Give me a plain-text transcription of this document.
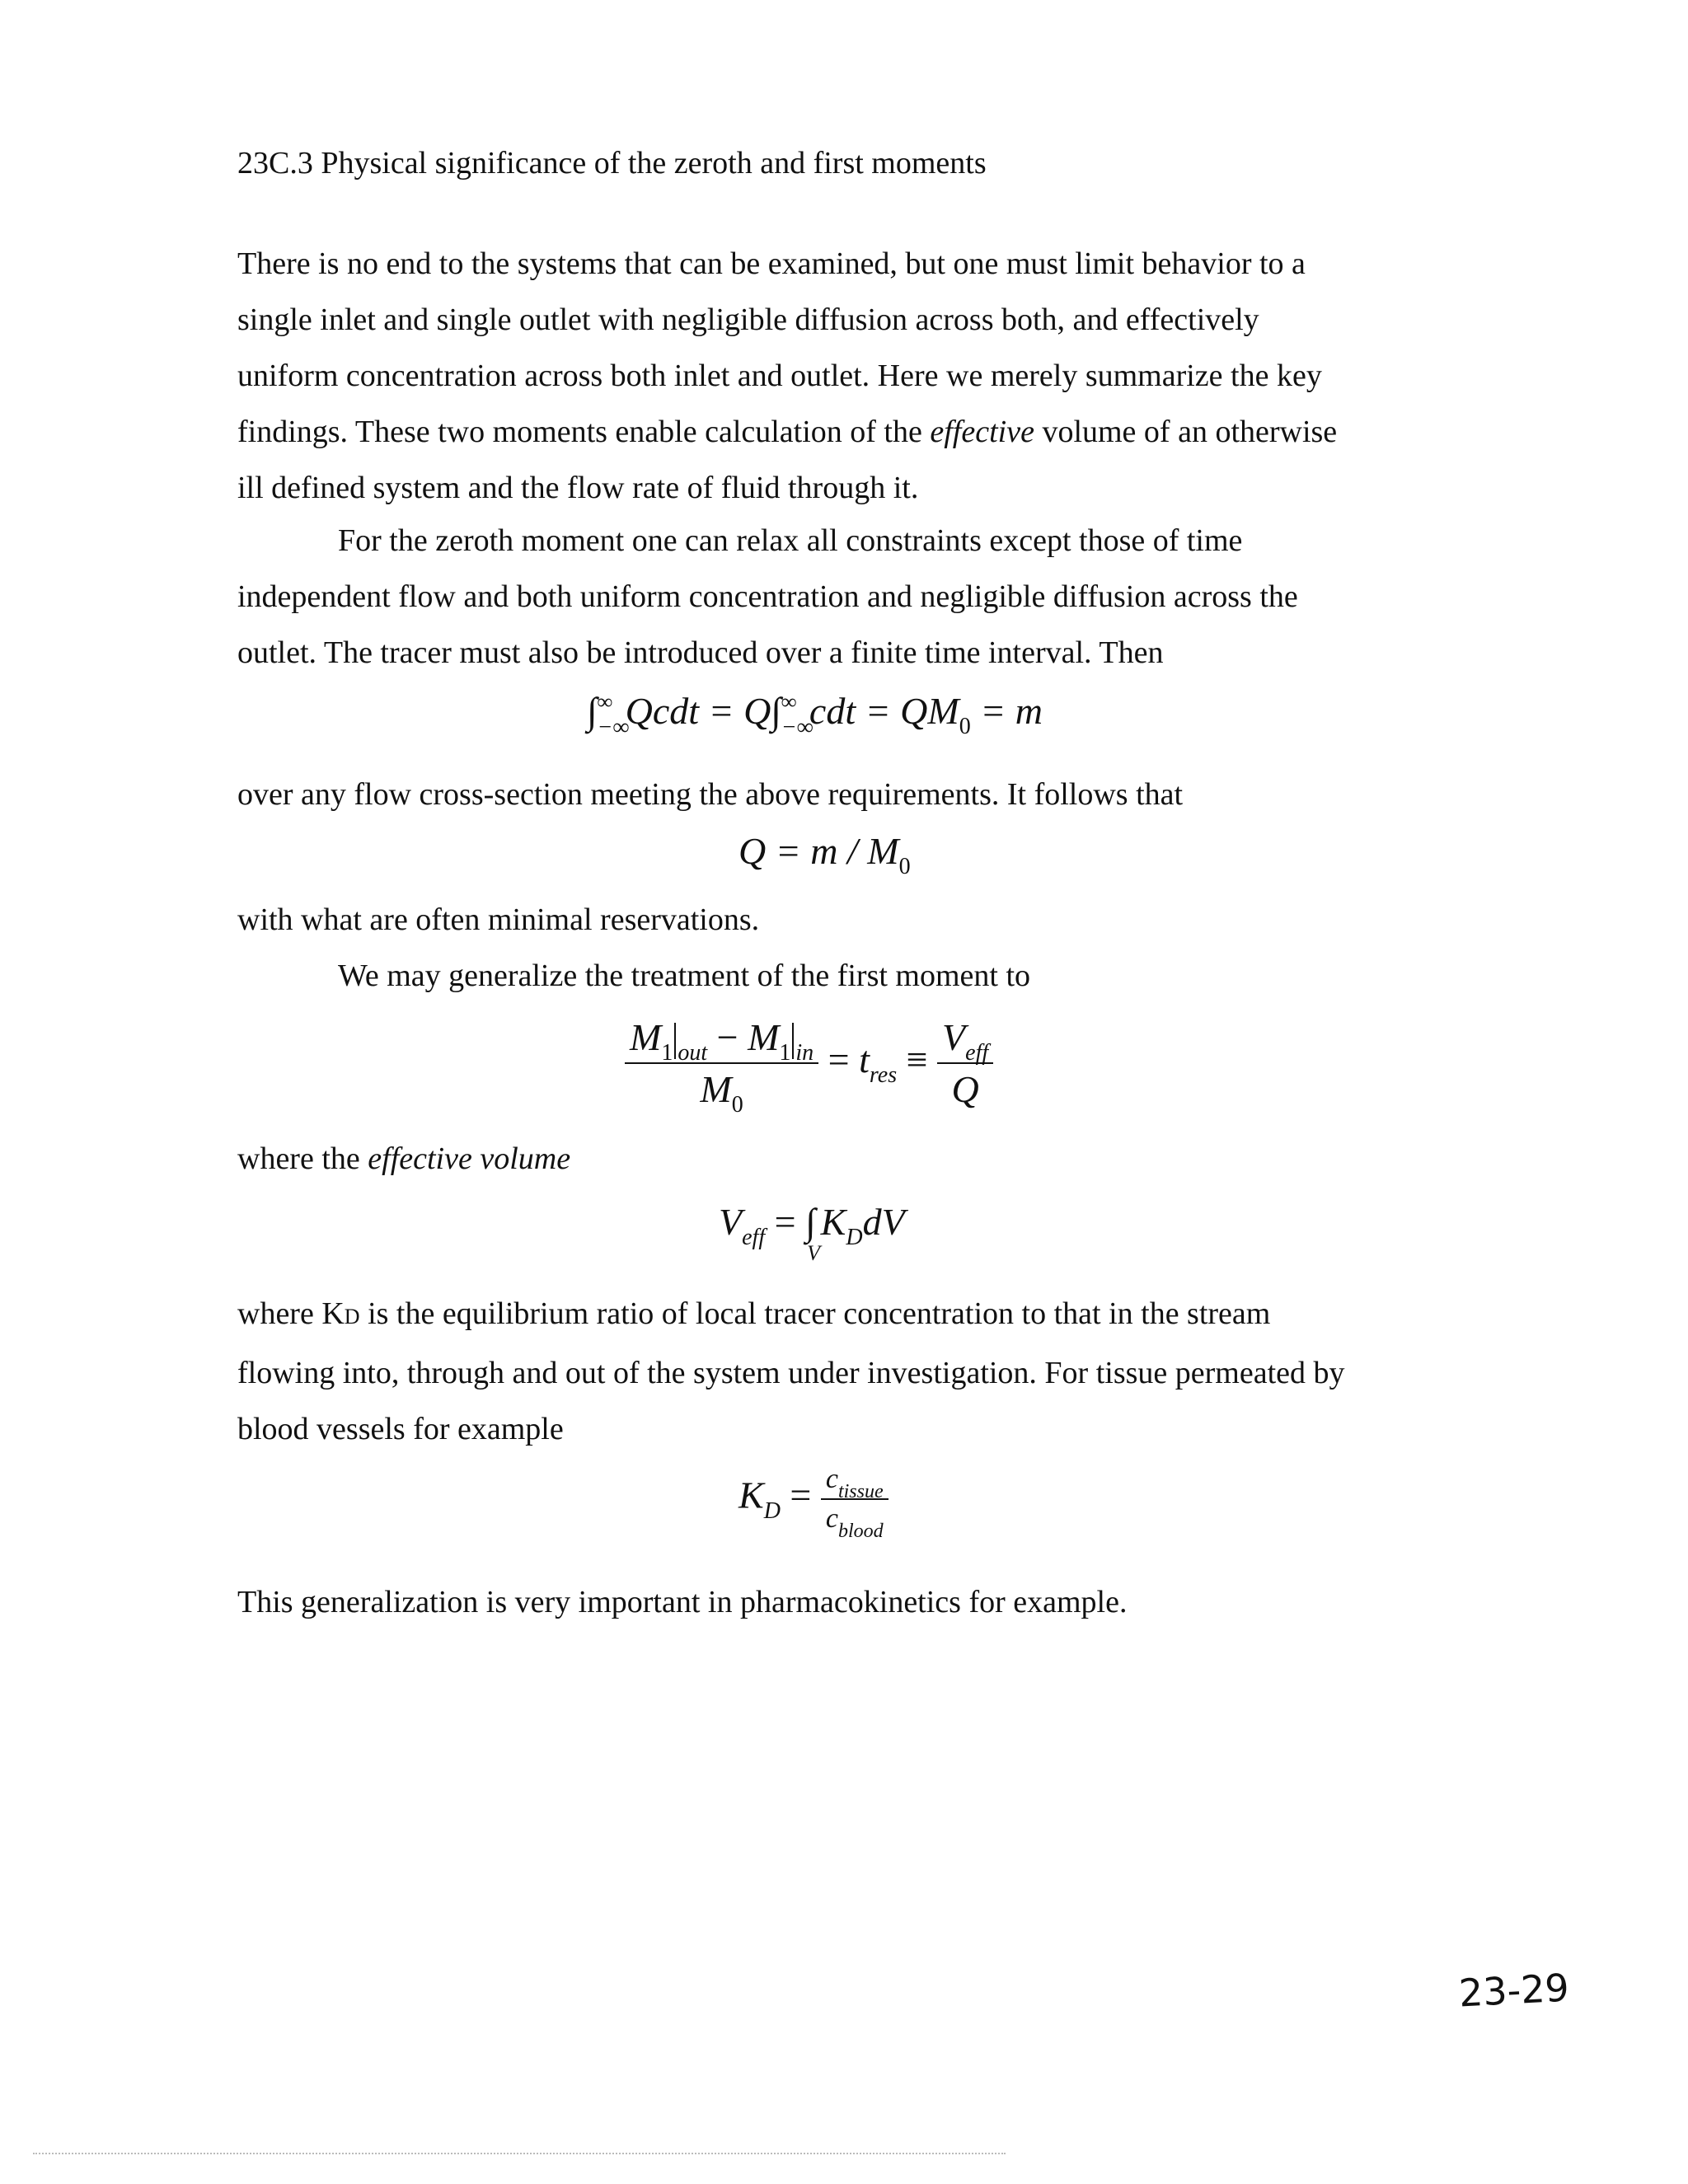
23C.3 Physical significance of the zeroth and first moments
There is no end to the systems that can be examined, but one must limit behavior to a
single inlet and single outlet with negligible diffusion across both, and effectively
uniform concentration across both inlet and outlet. Here we merely summarize the key
findings. These two moments enable calculation of the effective volume of an otherwise
ill defined system and the flow rate of fluid through it.
For the zeroth moment one can relax all constraints except those of time
independent flow and both uniform concentration and negligible diffusion across the
outlet. The tracer must also be introduced over a finite time interval. Then
∫ ∞
−∞
Qcdt = Q∫ ∞
−∞
cdt = $QM_0 = m$
over any flow cross-section meeting the above requirements. It follows that
$Q = m / M_0$
with what are often minimal reservations.
We may generalize the treatment of the first moment to
$\frac{M_1 _{out} - M_1 _{in}}{M_0} = t_{res} \equiv \frac{V_{eff}}{Q}$
where the effective volume
$V_{eff}$ = ∫
V
$K_DdV$
where KD is the equilibrium ratio of local tracer concentration to that in the stream
flowing into, through and out of the system under investigation. For tissue permeated by
blood vessels for example
$K_D = \frac{c_{tissue}}{c_{blood}}$
This generalization is very important in pharmacokinetics for example.
23-29
